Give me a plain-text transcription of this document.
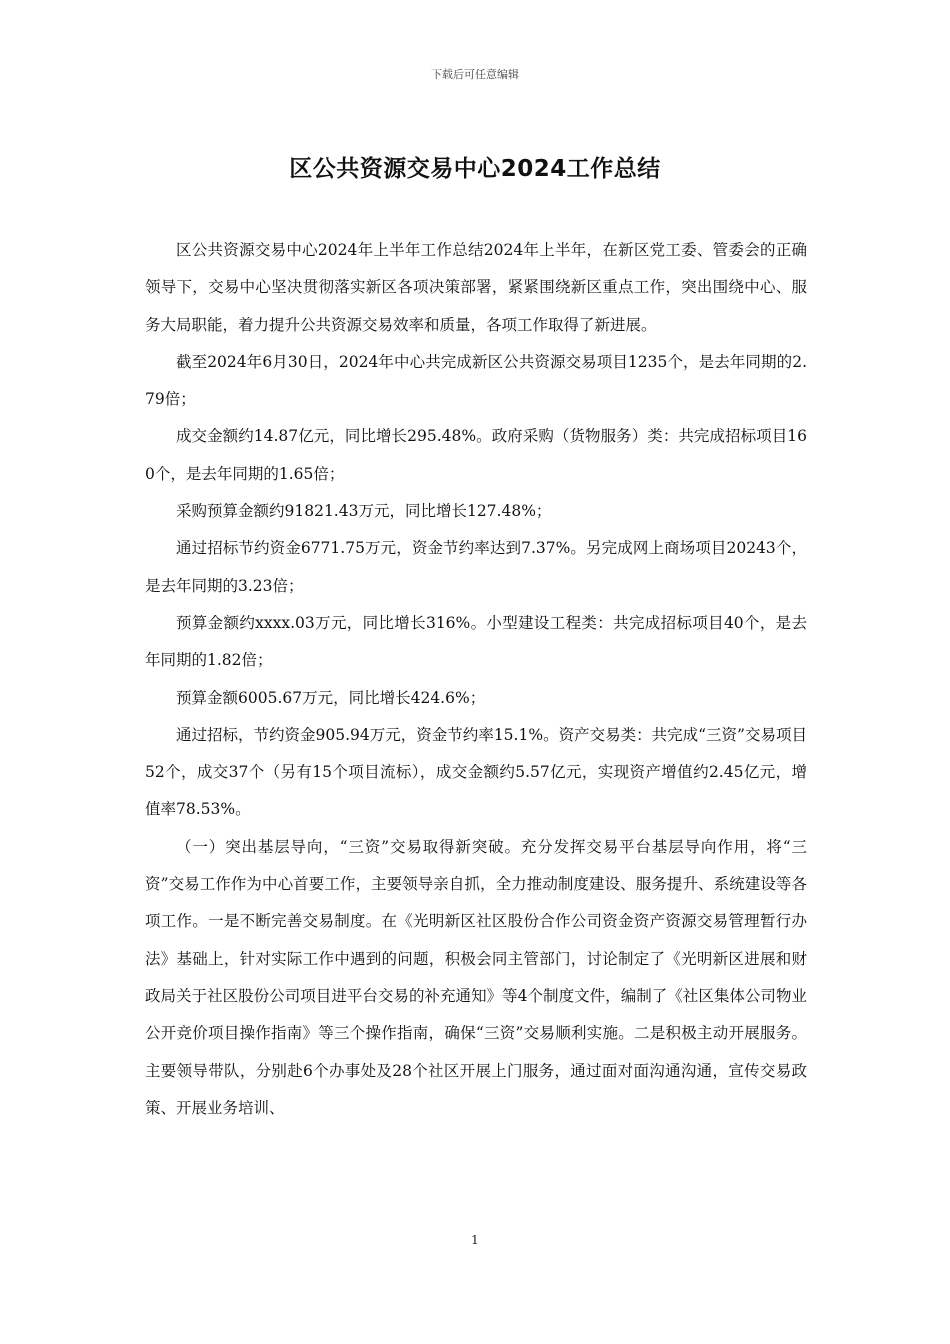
下载后可任意编辑
区公共资源交易中心2024工作总结

区公共资源交易中心2024年上半年工作总结2024年上半年，在新区党工委、管委会的正确领导下，交易中心坚决贯彻落实新区各项决策部署，紧紧围绕新区重点工作，突出围绕中心、服务大局职能，着力提升公共资源交易效率和质量，各项工作取得了新进展。

截至2024年6月30日，2024年中心共完成新区公共资源交易项目1235个，是去年同期的2.79倍；

成交金额约14.87亿元，同比增长295.48%。政府采购（货物服务）类：共完成招标项目160个，是去年同期的1.65倍；

采购预算金额约91821.43万元，同比增长127.48%；

通过招标节约资金6771.75万元，资金节约率达到7.37%。另完成网上商场项目20243个，是去年同期的3.23倍；

预算金额约xxxx.03万元，同比增长316%。小型建设工程类：共完成招标项目40个，是去年同期的1.82倍；

预算金额6005.67万元，同比增长424.6%；

通过招标，节约资金905.94万元，资金节约率15.1%。资产交易类：共完成“三资”交易项目52个，成交37个（另有15个项目流标），成交金额约5.57亿元，实现资产增值约2.45亿元，增值率78.53%。

（一）突出基层导向，“三资”交易取得新突破。充分发挥交易平台基层导向作用，将“三资”交易工作作为中心首要工作，主要领导亲自抓，全力推动制度建设、服务提升、系统建设等各项工作。一是不断完善交易制度。在《光明新区社区股份合作公司资金资产资源交易管理暂行办法》基础上，针对实际工作中遇到的问题，积极会同主管部门，讨论制定了《光明新区进展和财政局关于社区股份公司项目进平台交易的补充通知》等4个制度文件，编制了《社区集体公司物业公开竞价项目操作指南》等三个操作指南，确保“三资”交易顺利实施。二是积极主动开展服务。主要领导带队，分别赴6个办事处及28个社区开展上门服务，通过面对面沟通沟通，宣传交易政策、开展业务培训、

1
